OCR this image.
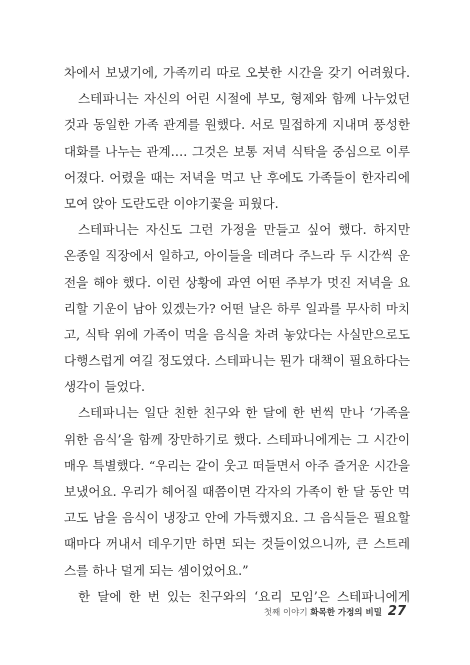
차에서 보냈기에, 가족끼리 따로 오붓한 시간을 갖기 어려웠다.
스테파니는 자신의 어린 시절에 부모, 형제와 함께 나누었던
것과 동일한 가족 관계를 원했다. 서로 밀접하게 지내며 풍성한
대화를 나누는 관계…. 그것은 보통 저녁 식탁을 중심으로 이루
어졌다. 어렸을 때는 저녁을 먹고 난 후에도 가족들이 한자리에
모여 앉아 도란도란 이야기꽃을 피웠다.
스테파니는 자신도 그런 가정을 만들고 싶어 했다. 하지만
온종일 직장에서 일하고, 아이들을 데려다 주느라 두 시간씩 운
전을 해야 했다. 이런 상황에 과연 어떤 주부가 멋진 저녁을 요
리할 기운이 남아 있겠는가? 어떤 날은 하루 일과를 무사히 마치
고, 식탁 위에 가족이 먹을 음식을 차려 놓았다는 사실만으로도
다행스럽게 여길 정도였다. 스테파니는 뭔가 대책이 필요하다는
생각이 들었다.
스테파니는 일단 친한 친구와 한 달에 한 번씩 만나 ‘가족을
위한 음식’을 함께 장만하기로 했다. 스테파니에게는 그 시간이
매우 특별했다. “우리는 같이 웃고 떠들면서 아주 즐거운 시간을
보냈어요. 우리가 헤어질 때쯤이면 각자의 가족이 한 달 동안 먹
고도 남을 음식이 냉장고 안에 가득했지요. 그 음식들은 필요할
때마다 꺼내서 데우기만 하면 되는 것들이었으니까, 큰 스트레
스를 하나 덜게 되는 셈이었어요.”
한 달에 한 번 있는 친구와의 ‘요리 모임’은 스테파니에게
첫째 이야기 화목한 가정의 비밀 27
